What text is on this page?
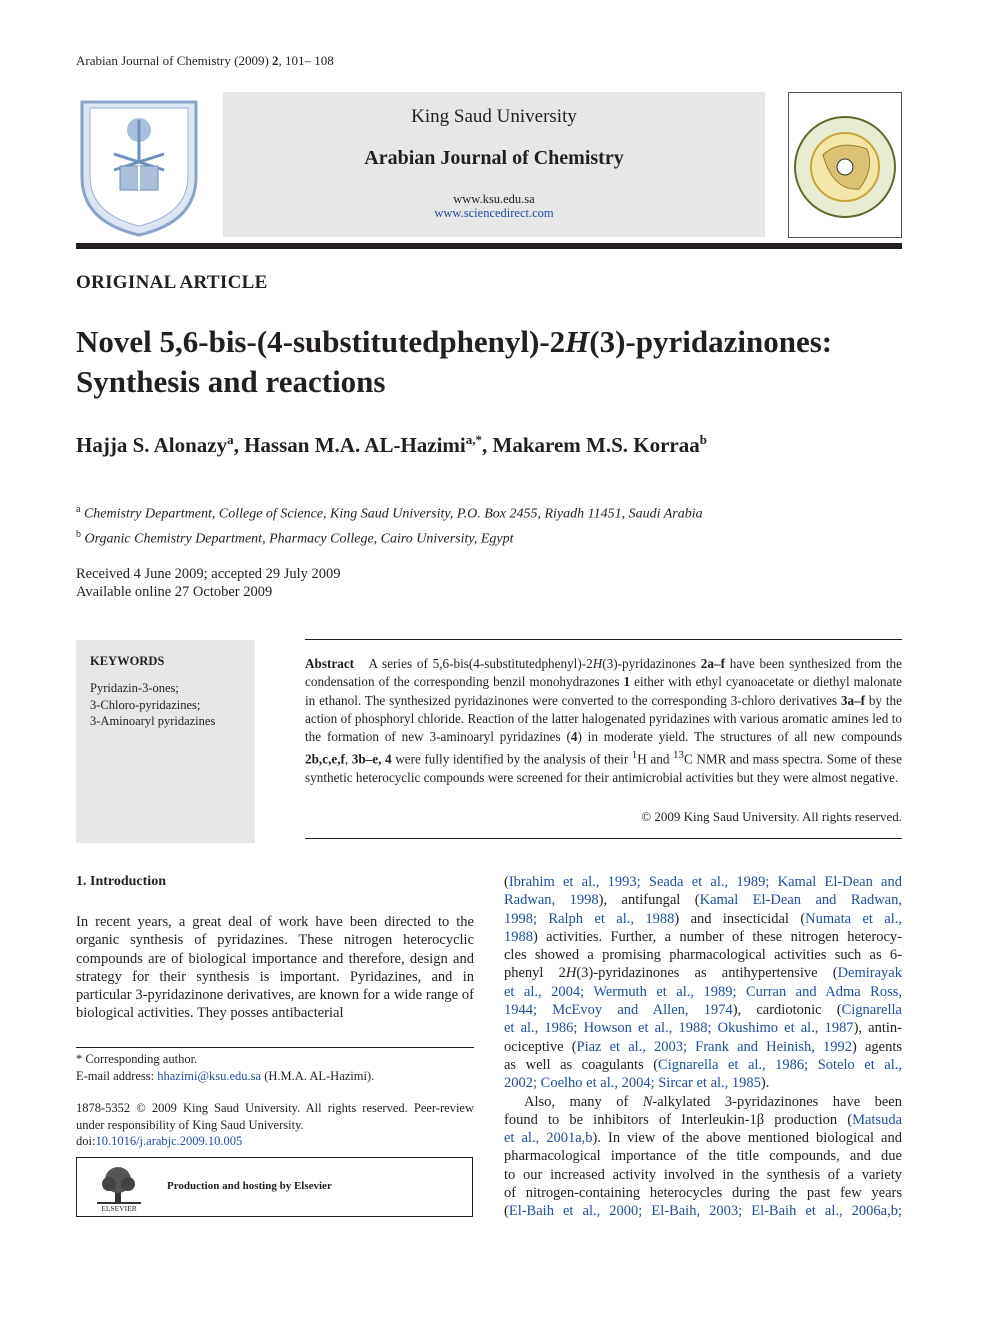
Arabian Journal of Chemistry (2009) 2, 101– 108
King Saud University
Arabian Journal of Chemistry
www.ksu.edu.sa
www.sciencedirect.com
ORIGINAL ARTICLE
Novel 5,6-bis-(4-substitutedphenyl)-2H(3)-pyridazinones:
Synthesis and reactions
Hajja S. Alonazy$^a$, Hassan M.A. AL-Hazimi$^{a,*}$, Makarem M.S. Korraa$^b$
$^a$ Chemistry Department, College of Science, King Saud University, P.O. Box 2455, Riyadh 11451, Saudi Arabia
$^b$ Organic Chemistry Department, Pharmacy College, Cairo University, Egypt
Received 4 June 2009; accepted 29 July 2009
Available online 27 October 2009
KEYWORDS
Pyridazin-3-ones;
3-Chloro-pyridazines;
3-Aminoaryl pyridazines
Abstract A series of 5,6-bis(4-substitutedphenyl)-2H(3)-pyridazinones 2a–f have been synthesized from the condensation of the corresponding benzil monohydrazones 1 either with ethyl cyanoacetate or diethyl malonate in ethanol. The synthesized pyridazinones were converted to the corresponding 3-chloro derivatives 3a–f by the action of phosphoryl chloride. Reaction of the latter halogenated pyridazines with various aromatic amines led to the formation of new 3-aminoaryl pyridazines (4) in moderate yield. The structures of all new compounds 2b,c,e,f, 3b–e, 4 were fully identified by the analysis of their $^1$H and $^{13}$C NMR and mass spectra. Some of these synthetic heterocyclic compounds were screened for their antimicrobial activities but they were almost negative.
© 2009 King Saud University. All rights reserved.
1. Introduction
In recent years, a great deal of work have been directed to the organic synthesis of pyridazines. These nitrogen heterocyclic compounds are of biological importance and therefore, design and strategy for their synthesis is important. Pyridazines, and in particular 3-pyridazinone derivatives, are known for a wide range of biological activities. They posses antibacterial
* Corresponding author.
E-mail address: hhazimi@ksu.edu.sa (H.M.A. AL-Hazimi).
1878-5352 © 2009 King Saud University. All rights reserved. Peer-review under responsibility of King Saud University.
doi:10.1016/j.arabjc.2009.10.005
ELSEVIER
Production and hosting by Elsevier
(Ibrahim et al., 1993; Seada et al., 1989; Kamal El-Dean and
Radwan, 1998), antifungal (Kamal El-Dean and Radwan,
1998; Ralph et al., 1988) and insecticidal (Numata et al.,
1988) activities. Further, a number of these nitrogen heterocy-
cles showed a promising pharmacological activities such as 6-
phenyl 2H(3)-pyridazinones as antihypertensive (Demirayak
et al., 2004; Wermuth et al., 1989; Curran and Adma Ross,
1944; McEvoy and Allen, 1974), cardiotonic (Cignarella
et al., 1986; Howson et al., 1988; Okushimo et al., 1987), antin-
ociceptive (Piaz et al., 2003; Frank and Heinish, 1992) agents
as well as coagulants (Cignarella et al., 1986; Sotelo et al.,
2002; Coelho et al., 2004; Sircar et al., 1985).
Also, many of N-alkylated 3-pyridazinones have been
found to be inhibitors of Interleukin-1β production (Matsuda
et al., 2001a,b). In view of the above mentioned biological and
pharmacological importance of the title compounds, and due
to our increased activity involved in the synthesis of a variety
of nitrogen-containing heterocycles during the past few years
(El-Baih et al., 2000; El-Baih, 2003; El-Baih et al., 2006a,b;
